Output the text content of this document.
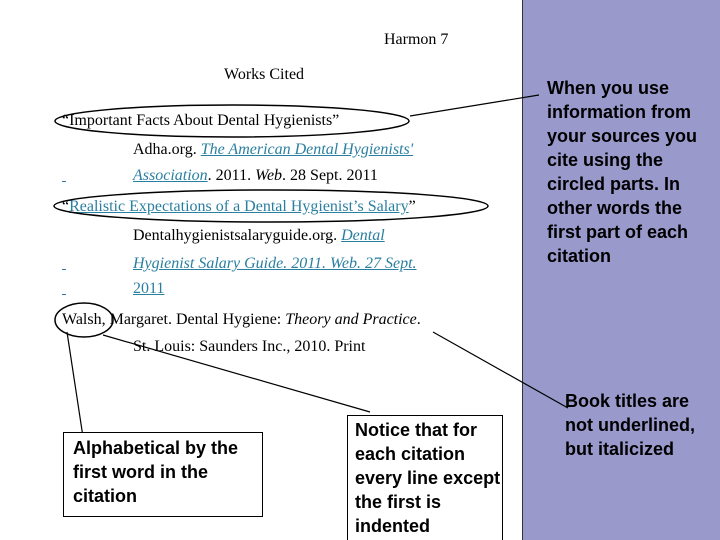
Harmon 7
Works Cited
“Important Facts About Dental Hygienists”
Adha.org. The American Dental Hygienists'
Association. 2011. Web. 28 Sept. 2011
“Realistic Expectations of a Dental Hygienist’s Salary”
Dentalhygienistsalaryguide.org. Dental
Hygienist Salary Guide. 2011. Web. 27 Sept.
2011
Walsh, Margaret. Dental Hygiene: Theory and Practice.
St. Louis: Saunders Inc., 2010. Print
When you use information from your sources you cite using the circled parts. In other words the first part of each citation
Book titles are not underlined, but italicized
Alphabetical by the first word in the citation
Notice that for each citation every line except the first is indented
